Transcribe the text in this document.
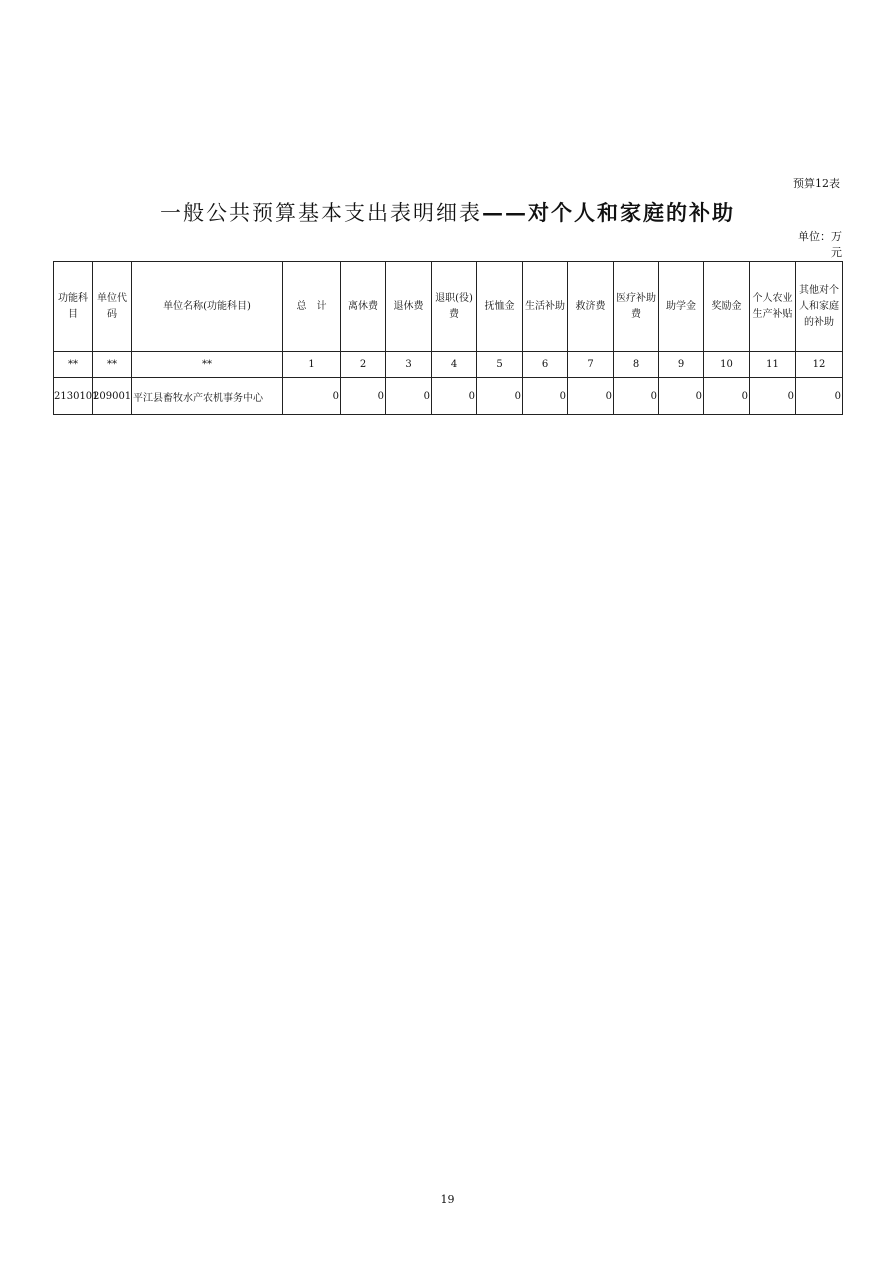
预算12表
一般公共预算基本支出表明细表——对个人和家庭的补助
单位：万
元
功能科目	单位代码	单位名称(功能科目)	总　计	离休费	退休费	退职(役)费	抚恤金	生活补助	救济费	医疗补助费	助学金	奖励金	个人农业生产补贴	其他对个人和家庭的补助
**	**	**	1	2	3	4	5	6	7	8	9	10	11	12
2130101	209001	平江县畜牧水产农机事务中心	0	0	0	0	0	0	0	0	0	0	0	0
19
